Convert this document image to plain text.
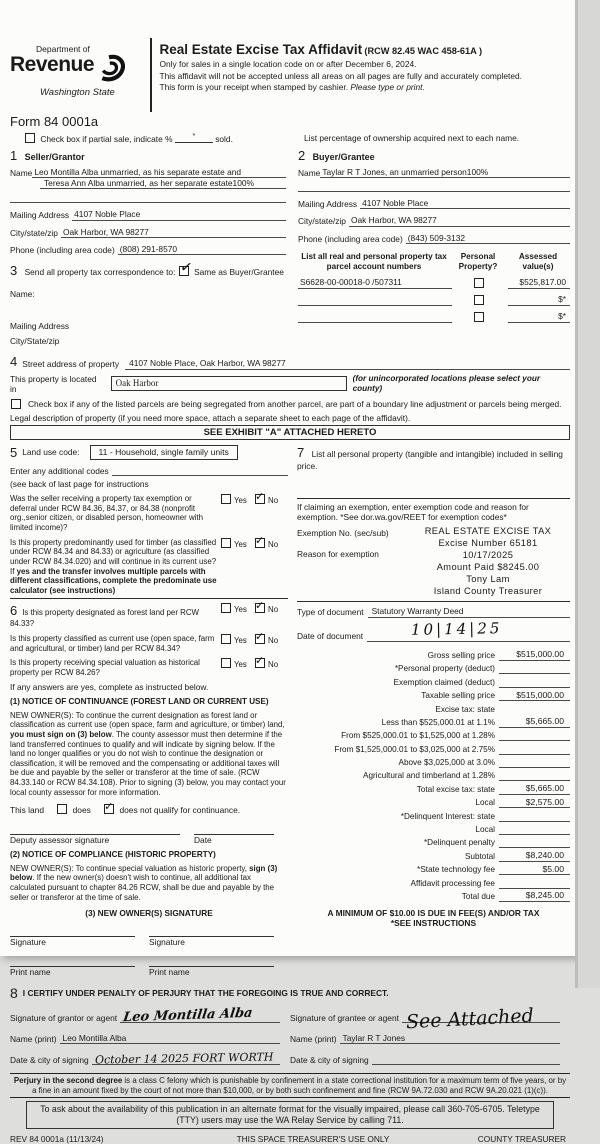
Department of
Revenue
Washington State
Real Estate Excise Tax Affidavit (RCW 82.45 WAC 458-61A )
Only for sales in a single location code on or after December 6, 2024.
This affidavit will not be accepted unless all areas on all pages are fully and accurately completed.
This form is your receipt when stamped by cashier. Please type or print.
Form 84 0001a
Check box if partial sale, indicate %	* sold.	List percentage of ownership acquired next to each name.
1 Seller/Grantor
Name Leo Montilla Alba unmarried, as his separate estate and
Teresa Ann Alba unmarried, as her separate estate100%
Mailing Address 4107 Noble Place
City/state/zip Oak Harbor, WA 98277
Phone (including area code) (808) 291-8570
3 Send all property tax correspondence to: ✓ Same as Buyer/Grantee
Name:
Mailing Address
City/State/zip
2 Buyer/Grantee
Name Taylar R T Jones, an unmarried person100%
Mailing Address 4107 Noble Place
City/state/zip Oak Harbor, WA 98277
Phone (including area code) (843) 509-3132
List all real and personal property tax parcel account numbers
Personal
Property?
Assessed
value(s)
S6628-00-00018-0 /507311	$525,817.00
$*
$*
4 Street address of property	4107 Noble Place, Oak Harbor, WA 98277
This property is located in
Oak Harbor	(for unincorporated locations please select your county)
Check box if any of the listed parcels are being segregated from another parcel, are part of a boundary line adjustment or parcels being merged.
Legal description of property (if you need more space, attach a separate sheet to each page of the affidavit).
SEE EXHIBIT "A" ATTACHED HERETO
5 Land use code:	11 - Household, single family units
Enter any additional codes
(see back of last page for instructions
Was the seller receiving a property tax exemption or deferral under RCW 84.36, 84.37, or 84.38 (nonprofit org.,senior citizen, or disabled person, homeowner with limited income)?
Yes ✓	No
Is this property predominantly used for timber (as classified under RCW 84.34 and 84.33) or agriculture (as classified under RCW 84.34.020) and will continue in its current use? If yes and the transfer involves multiple parcels with different classifications, complete the predominate use calculator (see instructions)
Yes ✓	No
6 Is this property designated as forest land per RCW 84.33?
Yes ✓	No
Is this property classified as current use (open space, farm and agricultural, or timber) land per RCW 84.34?
Yes ✓	No
Is this property receiving special valuation as historical property per RCW 84.26?
Yes ✓	No
If any answers are yes, complete as instructed below.
(1) NOTICE OF CONTINUANCE (FOREST LAND OR CURRENT USE)
NEW OWNER(S): To continue the current designation as forest land or classification as current use (open space, farm and agriculture, or timber) land, you must sign on (3) below. The county assessor must then determine if the land transferred continues to qualify and will indicate by signing below. If the land no longer qualifies or you do not wish to continue the designation or classification, it will be removed and the compensating or additional taxes will be due and payable by the seller or transferor at the time of sale. (RCW 84.33.140 or RCW 84.34.108). Prior to signing (3) below, you may contact your local county assessor for more information.
This land	does ✓	does not qualify for continuance.
Deputy assessor signature	Date
(2) NOTICE OF COMPLIANCE (HISTORIC PROPERTY)
NEW OWNER(S): To continue special valuation as historic property, sign (3) below. If the new owner(s) doesn't wish to continue, all additional tax calculated pursuant to chapter 84.26 RCW, shall be due and payable by the seller or transferor at the time of sale.
(3) NEW OWNER(S) SIGNATURE
Signature	Signature
Print name	Print name
7 List all personal property (tangible and intangible) included in selling price.
If claiming an exemption, enter exemption code and reason for exemption. *See dor.wa.gov/REET for exemption codes*
Exemption No. (sec/sub)
Reason for exemption
REAL ESTATE EXCISE TAX
Excise Number 65181
10/17/2025
Amount Paid $8245.00
Tony Lam
Island County Treasurer
Type of document Statutory Warranty Deed
Date of document	10|14|25
Gross selling price	$515,000.00
*Personal property (deduct)
Exemption claimed (deduct)
Taxable selling price	$515,000.00
Excise tax: state
Less than $525,000.01 at 1.1%	$5,665.00
From $525,000.01 to $1,525,000 at 1.28%
From $1,525,000.01 to $3,025,000 at 2.75%
Above $3,025,000 at 3.0%
Agricultural and timberland at 1.28%
Total excise tax: state	$5,665.00
Local	$2,575.00
*Delinquent Interest: state
Local
*Delinquent penalty
Subtotal	$8,240.00
*State technology fee	$5.00
Affidavit processing fee
Total due	$8,245.00
A MINIMUM OF $10.00 IS DUE IN FEE(S) AND/OR TAX
*SEE INSTRUCTIONS
8 I CERTIFY UNDER PENALTY OF PERJURY THAT THE FOREGOING IS TRUE AND CORRECT.
Signature of grantor or agent Leo Montilla Alba
Name (print) Leo Montilla Alba
Date & city of signing October 14 2025 FORT WORTH
Signature of grantee or agent See Attached
Name (print) Taylar R T Jones
Date & city of signing
Perjury in the second degree is a class C felony which is punishable by confinement in a state correctional institution for a maximum term of five years, or by a fine in an amount fixed by the court of not more than $10,000, or by both such confinement and fine (RCW 9A.72.030 and RCW 9A.20.021 (1)(c)).
To ask about the availability of this publication in an alternate format for the visually impaired, please call 360-705-6705. Teletype (TTY) users may use the WA Relay Service by calling 711.
REV 84 0001a (11/13/24)	THIS SPACE TREASURER'S USE ONLY	COUNTY TREASURER
